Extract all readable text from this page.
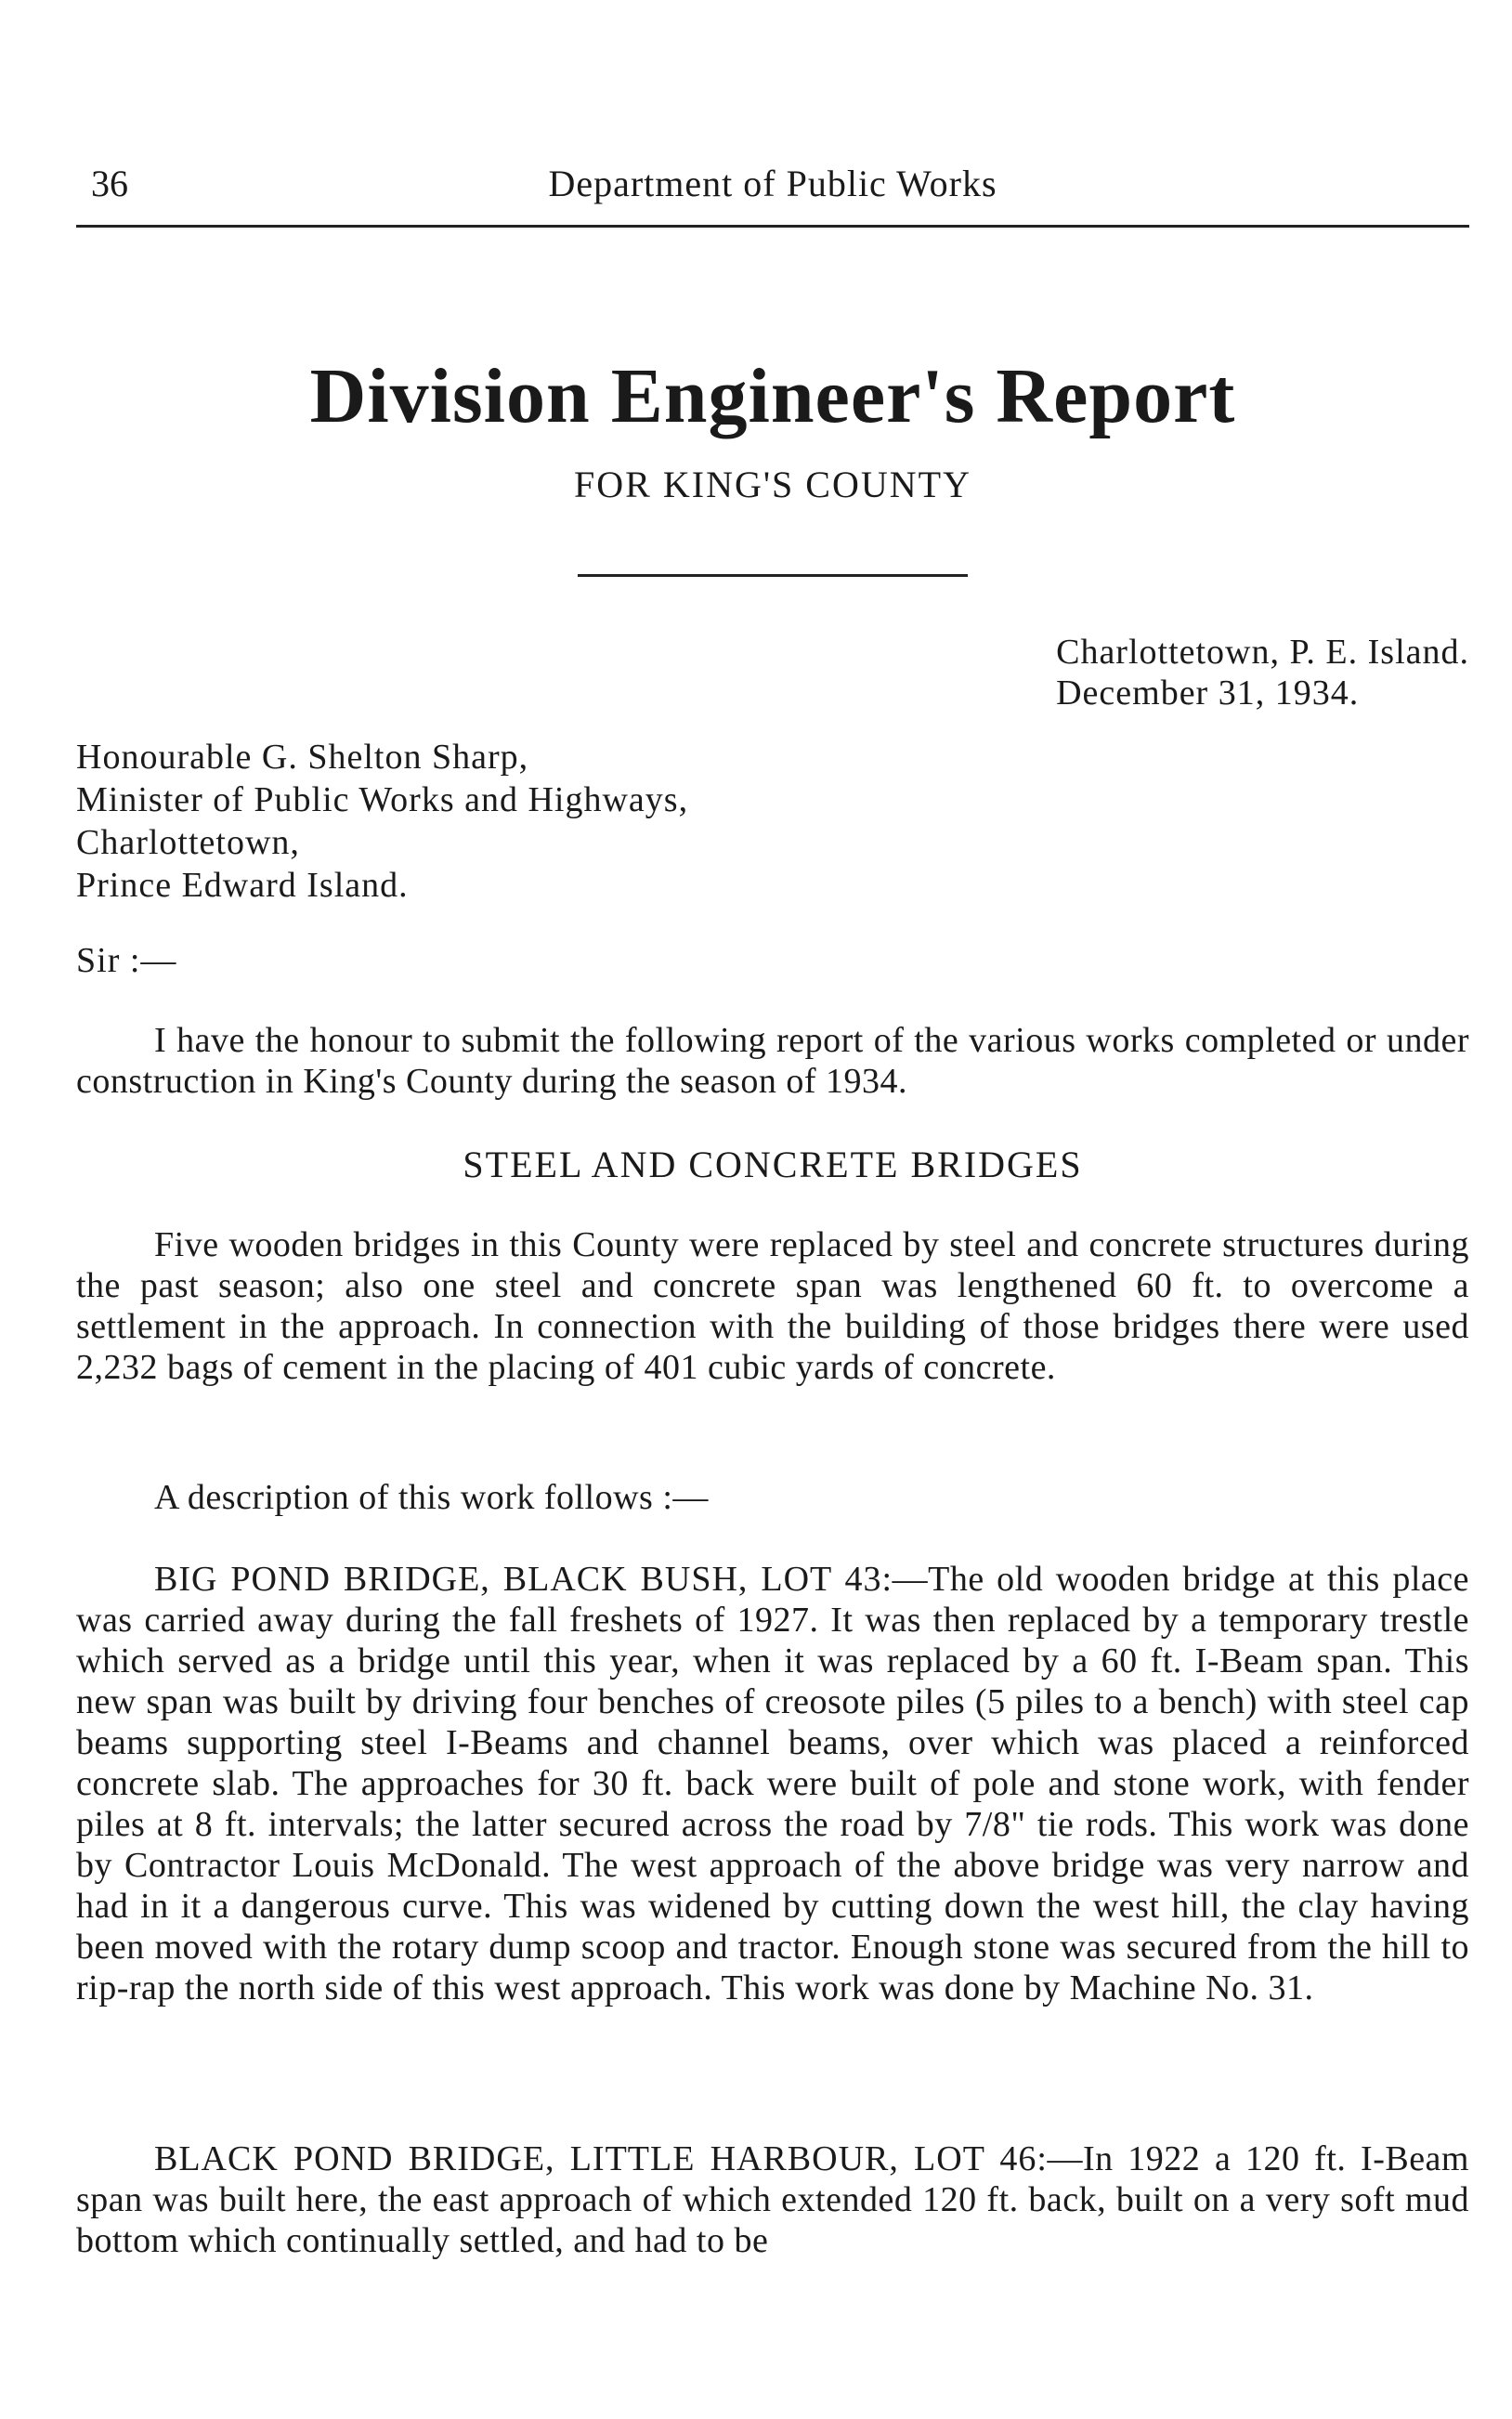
36	Department of Public Works
Division Engineer's Report
FOR KING'S COUNTY
Charlottetown, P. E. Island.
December 31, 1934.
Honourable G. Shelton Sharp,
Minister of Public Works and Highways,
Charlottetown,
Prince Edward Island.
Sir :—

I have the honour to submit the following report of the various works completed or under construction in King's County during the season of 1934.

STEEL AND CONCRETE BRIDGES

Five wooden bridges in this County were replaced by steel and concrete structures during the past season; also one steel and concrete span was lengthened 60 ft. to overcome a settlement in the approach. In connection with the building of those bridges there were used 2,232 bags of cement in the placing of 401 cubic yards of concrete.

A description of this work follows :—

BIG POND BRIDGE, BLACK BUSH, LOT 43:—The old wooden bridge at this place was carried away during the fall freshets of 1927. It was then replaced by a temporary trestle which served as a bridge until this year, when it was replaced by a 60 ft. I-Beam span. This new span was built by driving four benches of creosote piles (5 piles to a bench) with steel cap beams supporting steel I-Beams and channel beams, over which was placed a reinforced concrete slab. The approaches for 30 ft. back were built of pole and stone work, with fender piles at 8 ft. intervals; the latter secured across the road by 7/8" tie rods. This work was done by Contractor Louis McDonald. The west approach of the above bridge was very narrow and had in it a dangerous curve. This was widened by cutting down the west hill, the clay having been moved with the rotary dump scoop and tractor. Enough stone was secured from the hill to rip-rap the north side of this west approach. This work was done by Machine No. 31.

BLACK POND BRIDGE, LITTLE HARBOUR, LOT 46:—In 1922 a 120 ft. I-Beam span was built here, the east approach of which extended 120 ft. back, built on a very soft mud bottom which continually settled, and had to be
